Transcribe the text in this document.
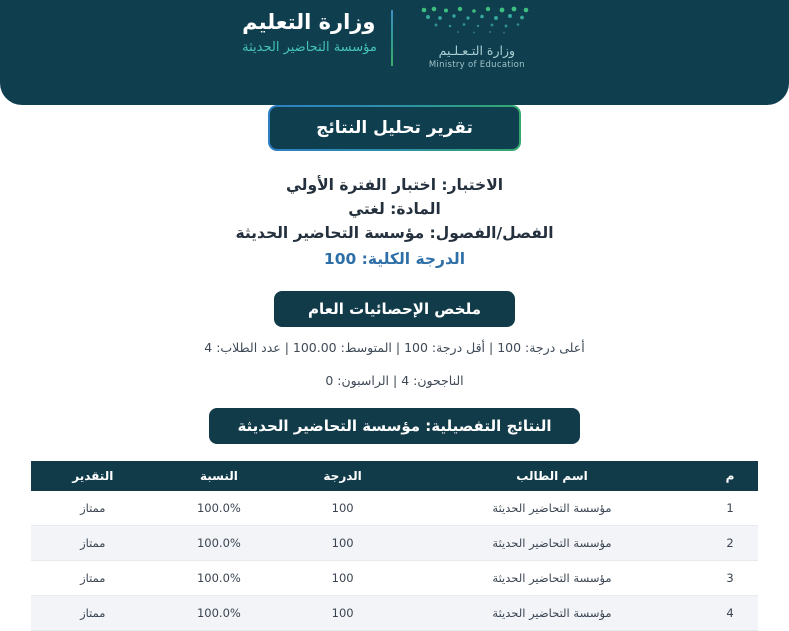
وزارة التعليم
مؤسسة التحاضير الحديثة	وزارة التـعـلـيم
Ministry of Education
تقرير تحليل النتائج
الاختبار: اختبار الفترة الأولي
المادة: لغتي
الفصل/الفصول: مؤسسة التحاضير الحديثة
الدرجة الكلية: 100
ملخص الإحصائيات العام
أعلى درجة: 100 | أقل درجة: 100 | المتوسط: 100.00 | عدد الطلاب: 4
الناجحون: 4 | الراسبون: 0
النتائج التفصيلية: مؤسسة التحاضير الحديثة
م	اسم الطالب	الدرجة	النسبة	التقدير
1	مؤسسة التحاضير الحديثة	100	100.0%	ممتاز
2	مؤسسة التحاضير الحديثة	100	100.0%	ممتاز
3	مؤسسة التحاضير الحديثة	100	100.0%	ممتاز
4	مؤسسة التحاضير الحديثة	100	100.0%	ممتاز
